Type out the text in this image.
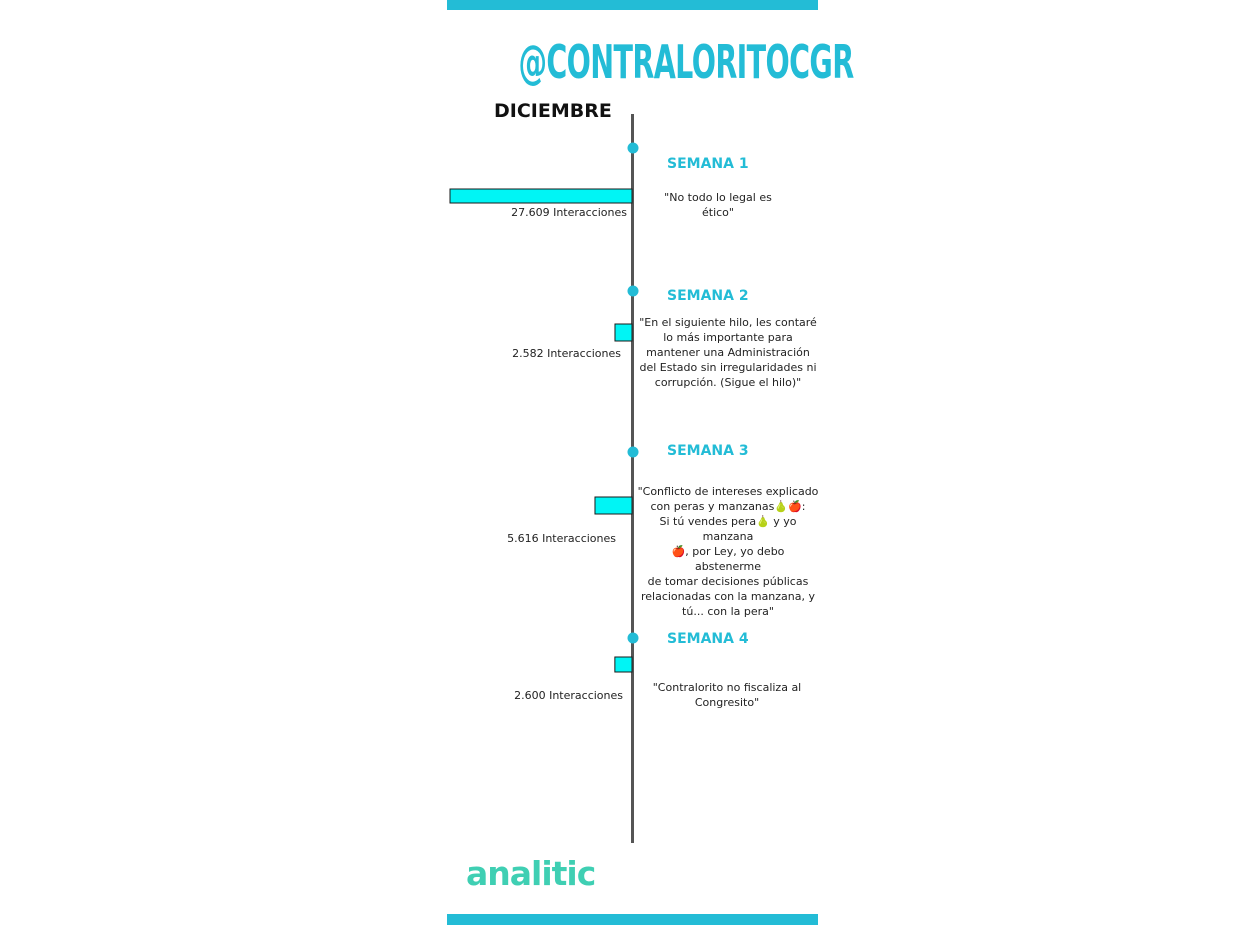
@CONTRALORITOCGR
DICIEMBRE
SEMANA 1
27.609 Interacciones
"No todo lo legal es
ético"
SEMANA 2
2.582 Interacciones
"En el siguiente hilo, les contaré
lo más importante para
mantener una Administración
del Estado sin irregularidades ni
corrupción. (Sigue el hilo)"
SEMANA 3
5.616 Interacciones
"Conflicto de intereses explicado
con peras y manzanas🍐🍎:
Si tú vendes pera🍐 y yo manzana
🍎, por Ley, yo debo abstenerme
de tomar decisiones públicas
relacionadas con la manzana, y
tú... con la pera"
SEMANA 4
2.600 Interacciones
"Contralorito no fiscaliza al
Congresito"
analitic
